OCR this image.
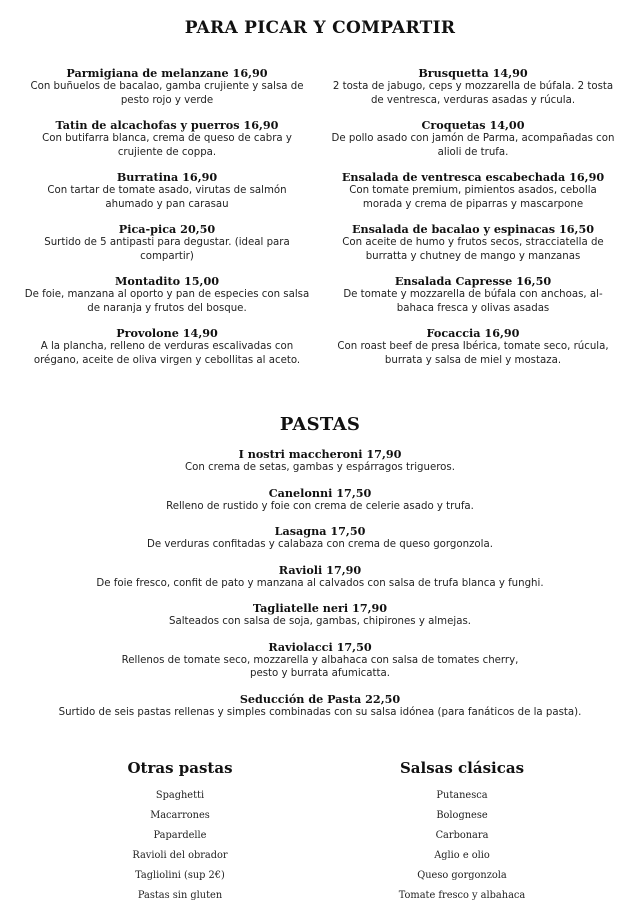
PARA PICAR Y COMPARTIR
Parmigiana de melanzane 16,90
Con buñuelos de bacalao, gamba crujiente y salsa de pesto rojo y verde
Tatin de alcachofas y puerros 16,90
Con butifarra blanca, crema de queso de cabra y crujiente de coppa.
Burratina 16,90
Con tartar de tomate asado, virutas de salmón ahumado y pan carasau
Pica-pica 20,50
Surtido de 5 antipasti para degustar. (ideal para compartir)
Montadito 15,00
De foie, manzana al oporto y pan de especies con salsa de naranja y frutos del bosque.
Provolone 14,90
A la plancha, relleno de verduras escalivadas con orégano, aceite de oliva virgen y cebollitas al aceto.
Brusquetta 14,90
2 tosta de jabugo, ceps y mozzarella de búfala. 2 tosta de ventresca, verduras asadas y rúcula.
Croquetas 14,00
De pollo asado con jamón de Parma, acompañadas con alioli de trufa.
Ensalada de ventresca escabechada 16,90
Con tomate premium, pimientos asados, cebolla morada y crema de piparras y mascarpone
Ensalada de bacalao y espinacas 16,50
Con aceite de humo y frutos secos, stracciatella de burratta y chutney de mango y manzanas
Ensalada Capresse 16,50
De tomate y mozzarella de búfala con anchoas, al-bahaca fresca y olivas asadas
Focaccia 16,90
Con roast beef de presa Ibérica, tomate seco, rúcula, burrata y salsa de miel y mostaza.
PASTAS
I nostri maccheroni 17,90
Con crema de setas, gambas y espárragos trigueros.
Canelonni 17,50
Relleno de rustido y foie con crema de celerie asado y trufa.
Lasagna 17,50
De verduras confitadas y calabaza con crema de queso gorgonzola.
Ravioli 17,90
De foie fresco, confit de pato y manzana al calvados con salsa de trufa blanca y funghi.
Tagliatelle neri 17,90
Salteados con salsa de soja, gambas, chipirones y almejas.
Raviolacci 17,50
Rellenos de tomate seco, mozzarella y albahaca con salsa de tomates cherry, pesto y burrata afumicatta.
Seducción de Pasta 22,50
Surtido de seis pastas rellenas y simples combinadas con su salsa idónea (para fanáticos de la pasta).
Otras pastas
Spaghetti
Macarrones
Papardelle
Ravioli del obrador
Tagliolini (sup 2€)
Pastas sin gluten
Salsas clásicas
Putanesca
Bolognese
Carbonara
Aglio e olio
Queso gorgonzola
Tomate fresco y albahaca
